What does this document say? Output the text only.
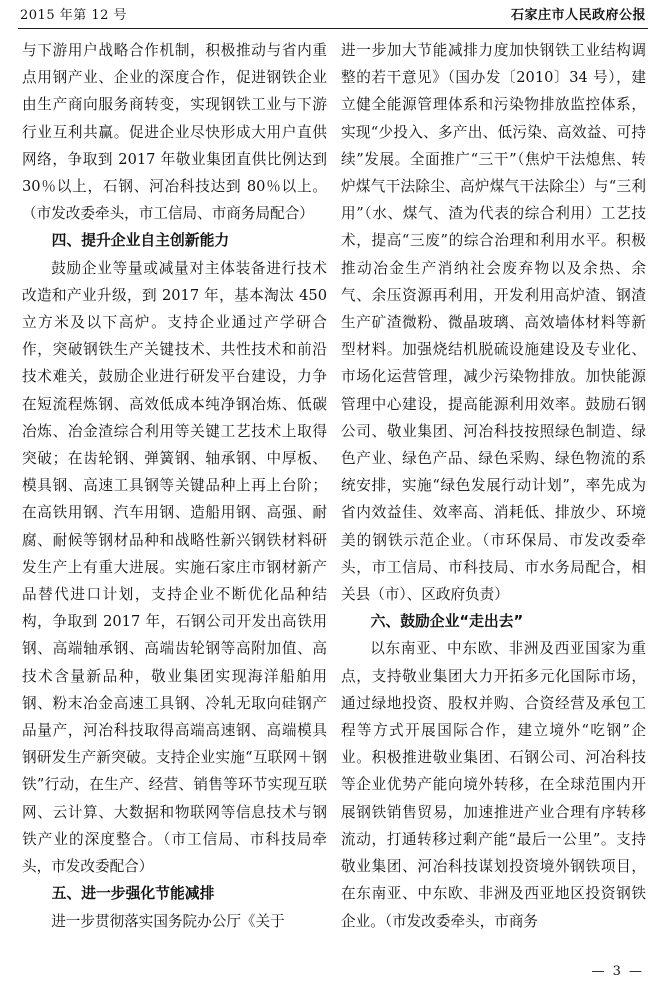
2015 年第 12 号	石家庄市人民政府公报

与下游用户战略合作机制，积极推动与省内重点用钢产业、企业的深度合作，促进钢铁企业由生产商向服务商转变，实现钢铁工业与下游行业互利共赢。促进企业尽快形成大用户直供网络，争取到 2017 年敬业集团直供比例达到 30％以上，石钢、河冶科技达到 80％以上。（市发改委牵头，市工信局、市商务局配合）

四、提升企业自主创新能力

鼓励企业等量或减量对主体装备进行技术改造和产业升级，到 2017 年，基本淘汰 450 立方米及以下高炉。支持企业通过产学研合作，突破钢铁生产关键技术、共性技术和前沿技术难关，鼓励企业进行研发平台建设，力争在短流程炼钢、高效低成本纯净钢冶炼、低碳冶炼、冶金渣综合利用等关键工艺技术上取得突破；在齿轮钢、弹簧钢、轴承钢、中厚板、模具钢、高速工具钢等关键品种上再上台阶；在高铁用钢、汽车用钢、造船用钢、高强、耐腐、耐候等钢材品种和战略性新兴钢铁材料研发生产上有重大进展。实施石家庄市钢材新产品替代进口计划，支持企业不断优化品种结构，争取到 2017 年，石钢公司开发出高铁用钢、高端轴承钢、高端齿轮钢等高附加值、高技术含量新品种，敬业集团实现海洋船舶用钢、粉末冶金高速工具钢、冷轧无取向硅钢产品量产，河冶科技取得高端高速钢、高端模具钢研发生产新突破。支持企业实施“互联网＋钢铁”行动，在生产、经营、销售等环节实现互联网、云计算、大数据和物联网等信息技术与钢铁产业的深度整合。（市工信局、市科技局牵头，市发改委配合）

五、进一步强化节能减排

进一步贯彻落实国务院办公厅《关于

进一步加大节能减排力度加快钢铁工业结构调整的若干意见》（国办发〔2010〕34 号），建立健全能源管理体系和污染物排放监控体系，实现“少投入、多产出、低污染、高效益、可持续”发展。全面推广“三干”（焦炉干法熄焦、转炉煤气干法除尘、高炉煤气干法除尘）与“三利用”（水、煤气、渣为代表的综合利用）工艺技术，提高“三废”的综合治理和利用水平。积极推动冶金生产消纳社会废弃物以及余热、余气、余压资源再利用，开发利用高炉渣、钢渣生产矿渣微粉、微晶玻璃、高效墙体材料等新型材料。加强烧结机脱硫设施建设及专业化、市场化运营管理，减少污染物排放。加快能源管理中心建设，提高能源利用效率。鼓励石钢公司、敬业集团、河冶科技按照绿色制造、绿色产业、绿色产品、绿色采购、绿色物流的系统安排，实施“绿色发展行动计划”，率先成为省内效益佳、效率高、消耗低、排放少、环境美的钢铁示范企业。（市环保局、市发改委牵头，市工信局、市科技局、市水务局配合，相关县（市）、区政府负责）

六、鼓励企业“走出去”

以东南亚、中东欧、非洲及西亚国家为重点，支持敬业集团大力开拓多元化国际市场，通过绿地投资、股权并购、合资经营及承包工程等方式开展国际合作，建立境外“吃钢”企业。积极推进敬业集团、石钢公司、河冶科技等企业优势产能向境外转移，在全球范围内开展钢铁销售贸易，加速推进产业合理有序转移流动，打通转移过剩产能“最后一公里”。支持敬业集团、河冶科技谋划投资境外钢铁项目，在东南亚、中东欧、非洲及西亚地区投资钢铁企业。（市发改委牵头，市商务

— 3 —
